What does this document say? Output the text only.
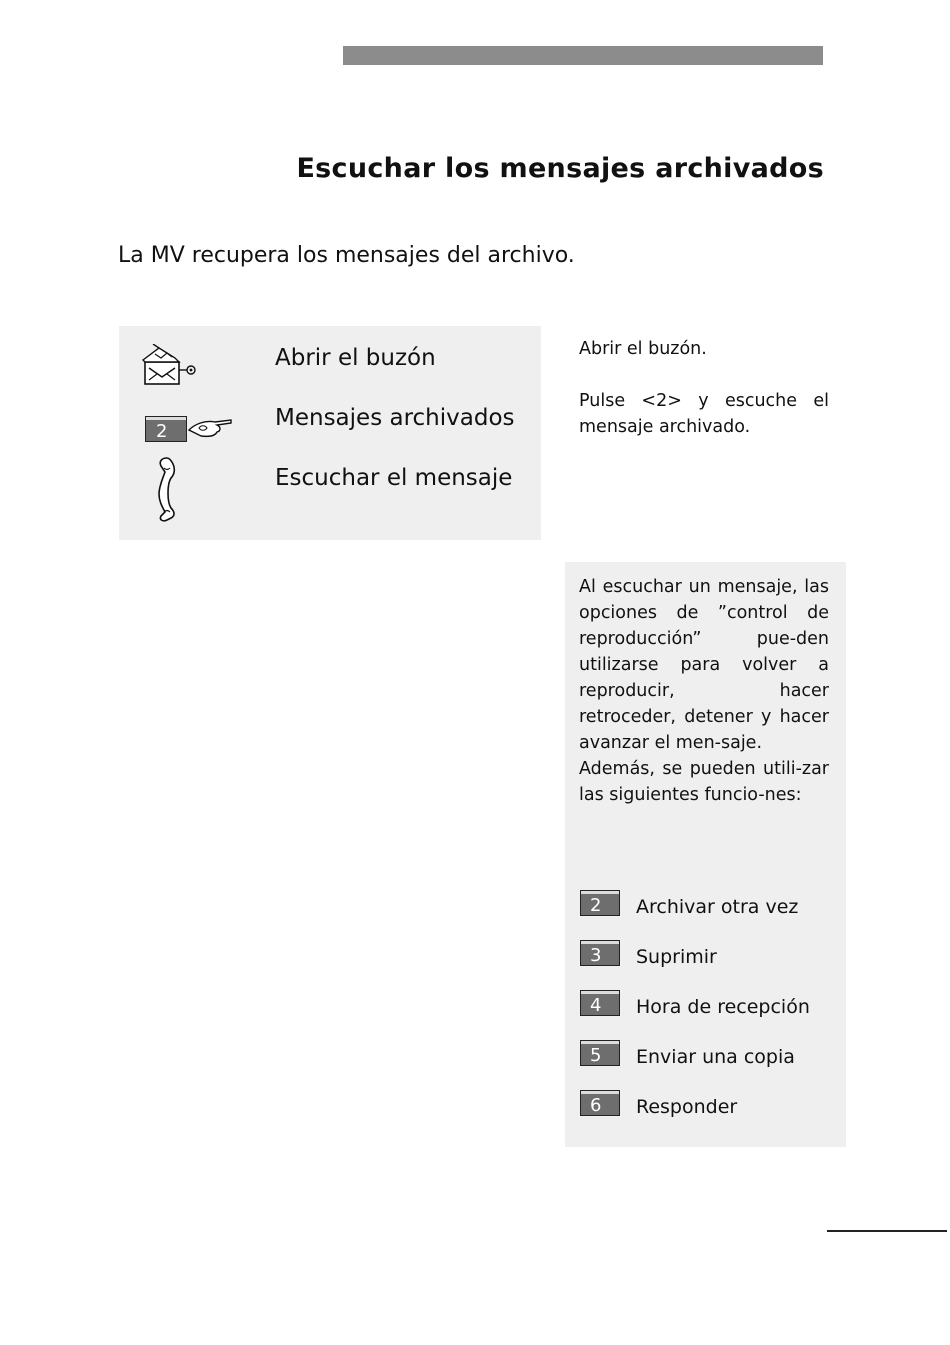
Escuchar los mensajes archivados
La MV recupera los mensajes del archivo.
Abrir el buzón
2
Mensajes archivados
Escuchar el mensaje
Abrir el buzón.
Pulse <2> y escuche el mensaje archivado.

Al escuchar un mensaje, las opciones de ”control de reproducción” pue-den utilizarse para volver a reproducir, hacer retroceder, detener y hacer avanzar el men-saje.

Además, se pueden utili-zar las siguientes funcio-nes:

2 Archivar otra vez
3 Suprimir
4 Hora de recepción
5 Enviar una copia
6 Responder
